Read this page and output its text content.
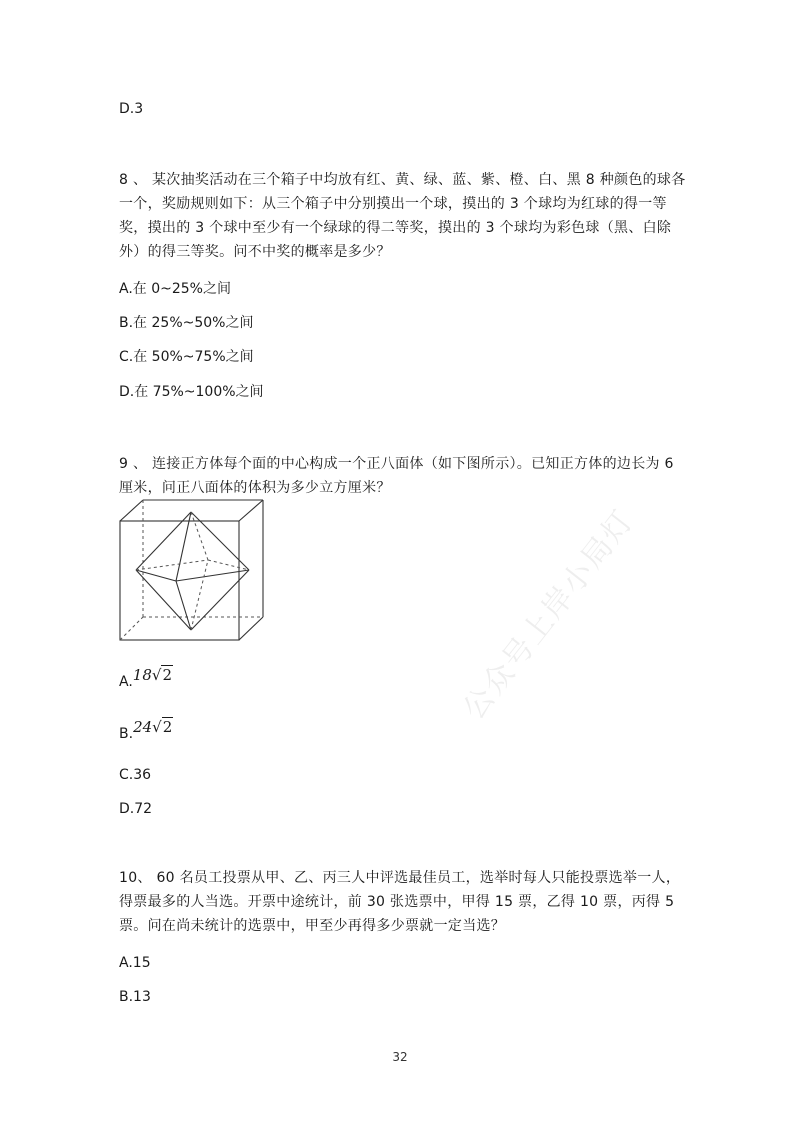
D.3
8 、 某次抽奖活动在三个箱子中均放有红、黄、绿、蓝、紫、橙、白、黑 8 种颜色的球各一个，奖励规则如下：从三个箱子中分别摸出一个球，摸出的 3 个球均为红球的得一等奖，摸出的 3 个球中至少有一个绿球的得二等奖，摸出的 3 个球均为彩色球（黑、白除外）的得三等奖。问不中奖的概率是多少？
A.在 0~25%之间
B.在 25%~50%之间
C.在 50%~75%之间
D.在 75%~100%之间
9 、 连接正方体每个面的中心构成一个正八面体（如下图所示）。已知正方体的边长为 6 厘米，问正八面体的体积为多少立方厘米？
A.18√2
B.24√2
C.36
D.72
10、 60 名员工投票从甲、乙、丙三人中评选最佳员工，选举时每人只能投票选举一人，得票最多的人当选。开票中途统计，前 30 张选票中，甲得 15 票，乙得 10 票，丙得 5 票。问在尚未统计的选票中，甲至少再得多少票就一定当选？
A.15
B.13
公众号上岸小局灯
32
